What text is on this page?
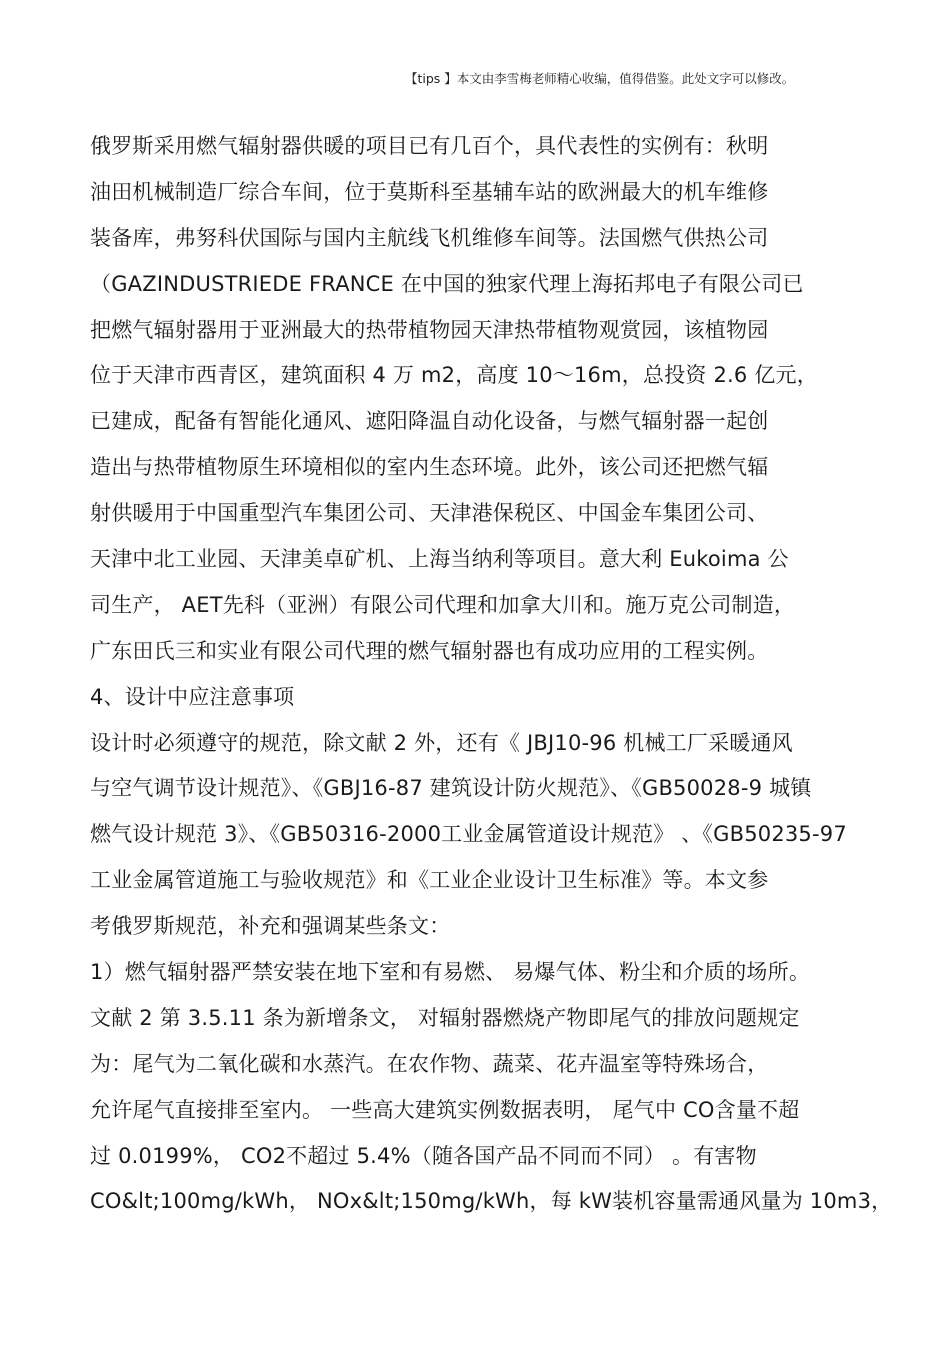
【tips 】本文由李雪梅老师精心收编，值得借鉴。此处文字可以修改。
俄罗斯采用燃气辐射器供暖的项目已有几百个，具代表性的实例有：秋明
油田机械制造厂综合车间，位于莫斯科至基辅车站的欧洲最大的机车维修
装备库，弗努科伏国际与国内主航线飞机维修车间等。法国燃气供热公司
（GAZINDUSTRIEDE FRANCE 在中国的独家代理上海拓邦电子有限公司已
把燃气辐射器用于亚洲最大的热带植物园天津热带植物观赏园，该植物园
位于天津市西青区，建筑面积 4 万 m2，高度 10～16m，总投资 2.6 亿元，
已建成，配备有智能化通风、遮阳降温自动化设备，与燃气辐射器一起创
造出与热带植物原生环境相似的室内生态环境。此外，该公司还把燃气辐
射供暖用于中国重型汽车集团公司、天津港保税区、中国金车集团公司、
天津中北工业园、天津美卓矿机、上海当纳利等项目。意大利 Eukoima 公
司生产， AET先科（亚洲）有限公司代理和加拿大川和。施万克公司制造，
广东田氏三和实业有限公司代理的燃气辐射器也有成功应用的工程实例。
4、设计中应注意事项
设计时必须遵守的规范，除文献 2 外，还有《 JBJ10-96 机械工厂采暖通风
与空气调节设计规范》、《GBJ16-87 建筑设计防火规范》、《GB50028-9 城镇
燃气设计规范 3》、《GB50316-2000工业金属管道设计规范》 、《GB50235-97
工业金属管道施工与验收规范》和《工业企业设计卫生标准》等。本文参
考俄罗斯规范，补充和强调某些条文：
1）燃气辐射器严禁安装在地下室和有易燃、 易爆气体、粉尘和介质的场所。
文献 2 第 3.5.11 条为新增条文， 对辐射器燃烧产物即尾气的排放问题规定
为：尾气为二氧化碳和水蒸汽。在农作物、蔬菜、花卉温室等特殊场合，
允许尾气直接排至室内。 一些高大建筑实例数据表明， 尾气中 CO含量不超
过 0.0199%， CO2不超过 5.4%（随各国产品不同而不同） 。有害物
CO&lt;100mg/kWh， NOx&lt;150mg/kWh，每 kW装机容量需通风量为 10m3，
